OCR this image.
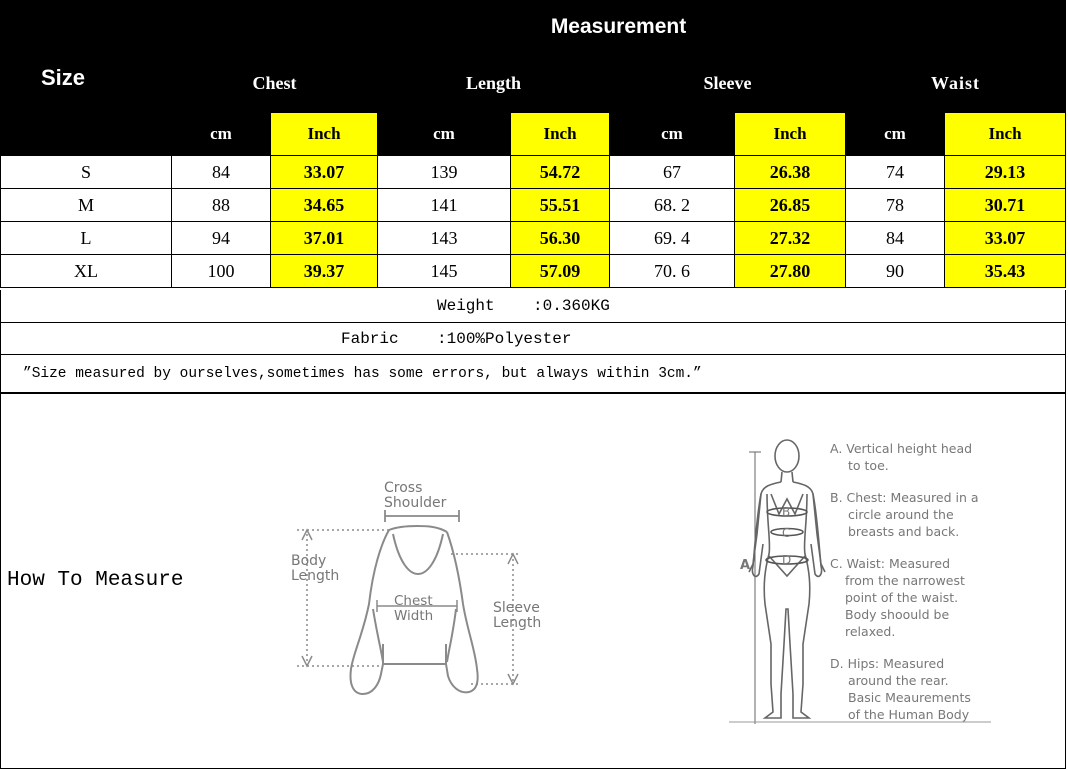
Size	Measurement							
	Chest		Length		Sleeve		Waist	
	cm	Inch	cm	Inch	cm	Inch	cm	Inch
S	84	33.07	139	54.72	67	26.38	74	29.13
M	88	34.65	141	55.51	68. 2	26.85	78	30.71
L	94	37.01	143	56.30	69. 4	27.32	84	33.07
XL	100	39.37	145	57.09	70. 6	27.80	90	35.43
Weight    :0.360KG
Fabric    :100%Polyester
”Size measured by ourselves,sometimes has some errors, but always within 3cm.”
How To Measure
Cross
Shoulder
Body
Length
Chest
Width	Sleeve
Length
A
B
C
D
A. Vertical height head
to toe.
B. Chest: Measured in a
circle around the
breasts and back.
C. Waist: Measured
from the narrowest
point of the waist.
Body shoould be
relaxed.
D. Hips: Measured
around the rear.
Basic Meaurements
of the Human Body
